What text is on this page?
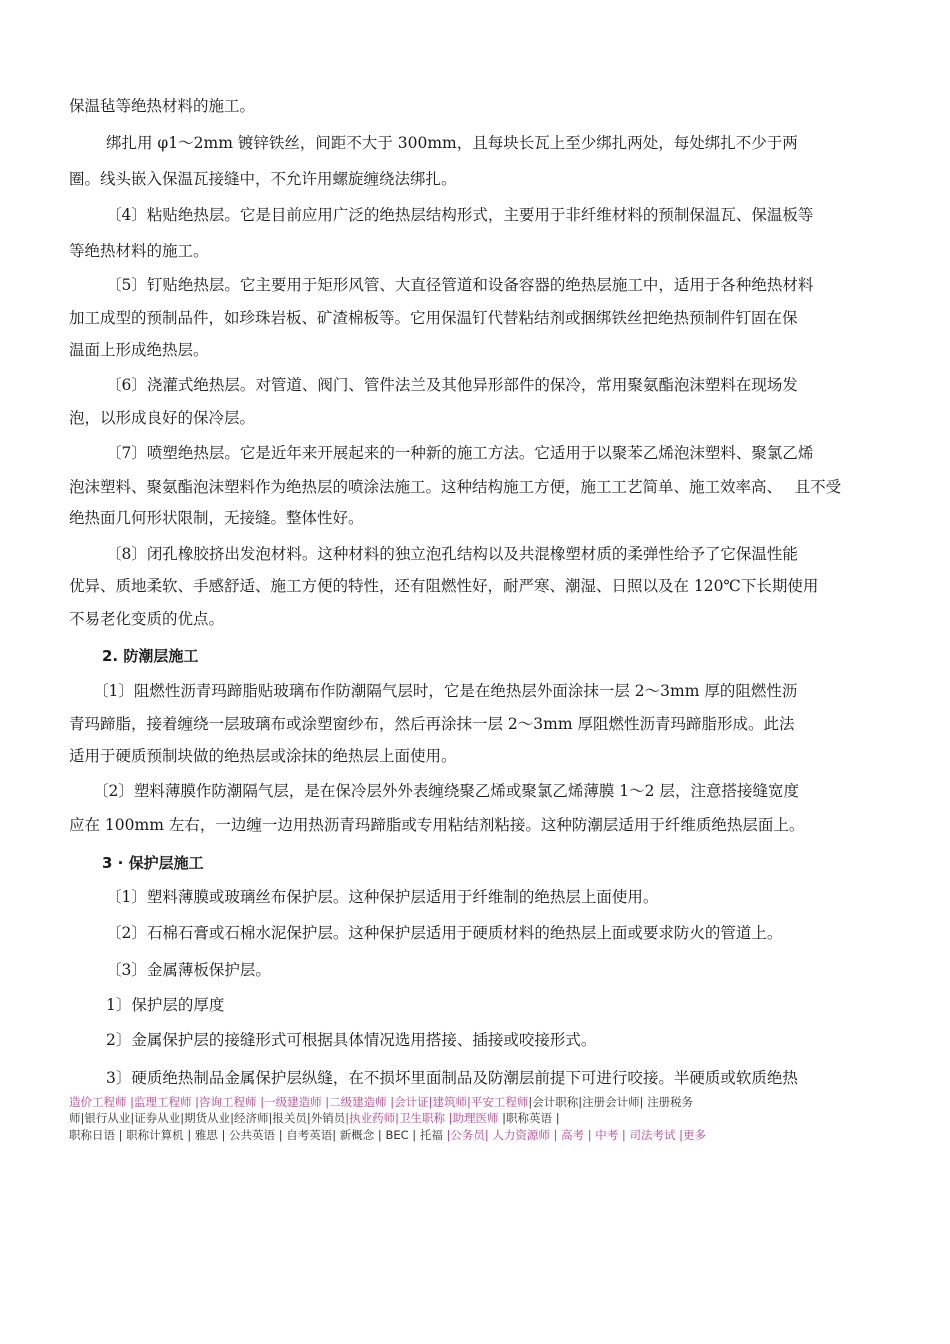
保温毡等绝热材料的施工。
绑扎用 φ1～2mm 镀锌铁丝，间距不大于 300mm，且每块长瓦上至少绑扎两处，每处绑扎不少于两
圈。线头嵌入保温瓦接缝中，不允许用螺旋缠绕法绑扎。
〔4〕粘贴绝热层。它是目前应用广泛的绝热层结构形式，主要用于非纤维材料的预制保温瓦、保温板等
等绝热材料的施工。
〔5〕钉贴绝热层。它主要用于矩形风管、大直径管道和设备容器的绝热层施工中，适用于各种绝热材料
加工成型的预制品件，如珍珠岩板、矿渣棉板等。它用保温钉代替粘结剂或捆绑铁丝把绝热预制件钉固在保
温面上形成绝热层。
〔6〕浇灌式绝热层。对管道、阀门、管件法兰及其他异形部件的保冷，常用聚氨酯泡沫塑料在现场发
泡，以形成良好的保冷层。
〔7〕喷塑绝热层。它是近年来开展起来的一种新的施工方法。它适用于以聚苯乙烯泡沫塑料、聚氯乙烯
泡沫塑料、聚氨酯泡沫塑料作为绝热层的喷涂法施工。这种结构施工方便，施工工艺简单、施工效率高、　 且不受
绝热面几何形状限制，无接缝。整体性好。
〔8〕闭孔橡胶挤出发泡材料。这种材料的独立泡孔结构以及共混橡塑材质的柔弹性给予了它保温性能
优异、质地柔软、手感舒适、施工方便的特性，还有阻燃性好，耐严寒、潮湿、日照以及在 120℃下长期使用
不易老化变质的优点。
2. 防潮层施工
〔1〕阻燃性沥青玛蹄脂贴玻璃布作防潮隔气层时，它是在绝热层外面涂抹一层 2～3mm 厚的阻燃性沥
青玛蹄脂，接着缠绕一层玻璃布或涂塑窗纱布，然后再涂抹一层 2～3mm 厚阻燃性沥青玛蹄脂形成。此法
适用于硬质预制块做的绝热层或涂抹的绝热层上面使用。
〔2〕塑料薄膜作防潮隔气层，是在保冷层外外表缠绕聚乙烯或聚氯乙烯薄膜 1～2 层，注意搭接缝宽度
应在 100mm 左右，一边缠一边用热沥青玛蹄脂或专用粘结剂粘接。这种防潮层适用于纤维质绝热层面上。
3 · 保护层施工
〔1〕塑料薄膜或玻璃丝布保护层。这种保护层适用于纤维制的绝热层上面使用。
〔2〕石棉石膏或石棉水泥保护层。这种保护层适用于硬质材料的绝热层上面或要求防火的管道上。
〔3〕金属薄板保护层。
1〕保护层的厚度
2〕金属保护层的接缝形式可根据具体情况选用搭接、插接或咬接形式。
3〕硬质绝热制品金属保护层纵缝，在不损坏里面制品及防潮层前提下可进行咬接。半硬质或软质绝热
造价工程师 |监理工程师 |咨询工程师 |一级建造师 |二级建造师 |会计证|建筑师|平安工程师|会计职称|注册会计师| 注册税务
师|银行从业|证券从业|期货从业|经济师|报关员|外销员|执业药师|卫生职称 |助理医师 |职称英语 |
职称日语 | 职称计算机 | 雅思 | 公共英语 | 自考英语| 新概念 | BEC | 托福 |公务员| 人力资源师 | 高考 | 中考 | 司法考试 |更多
